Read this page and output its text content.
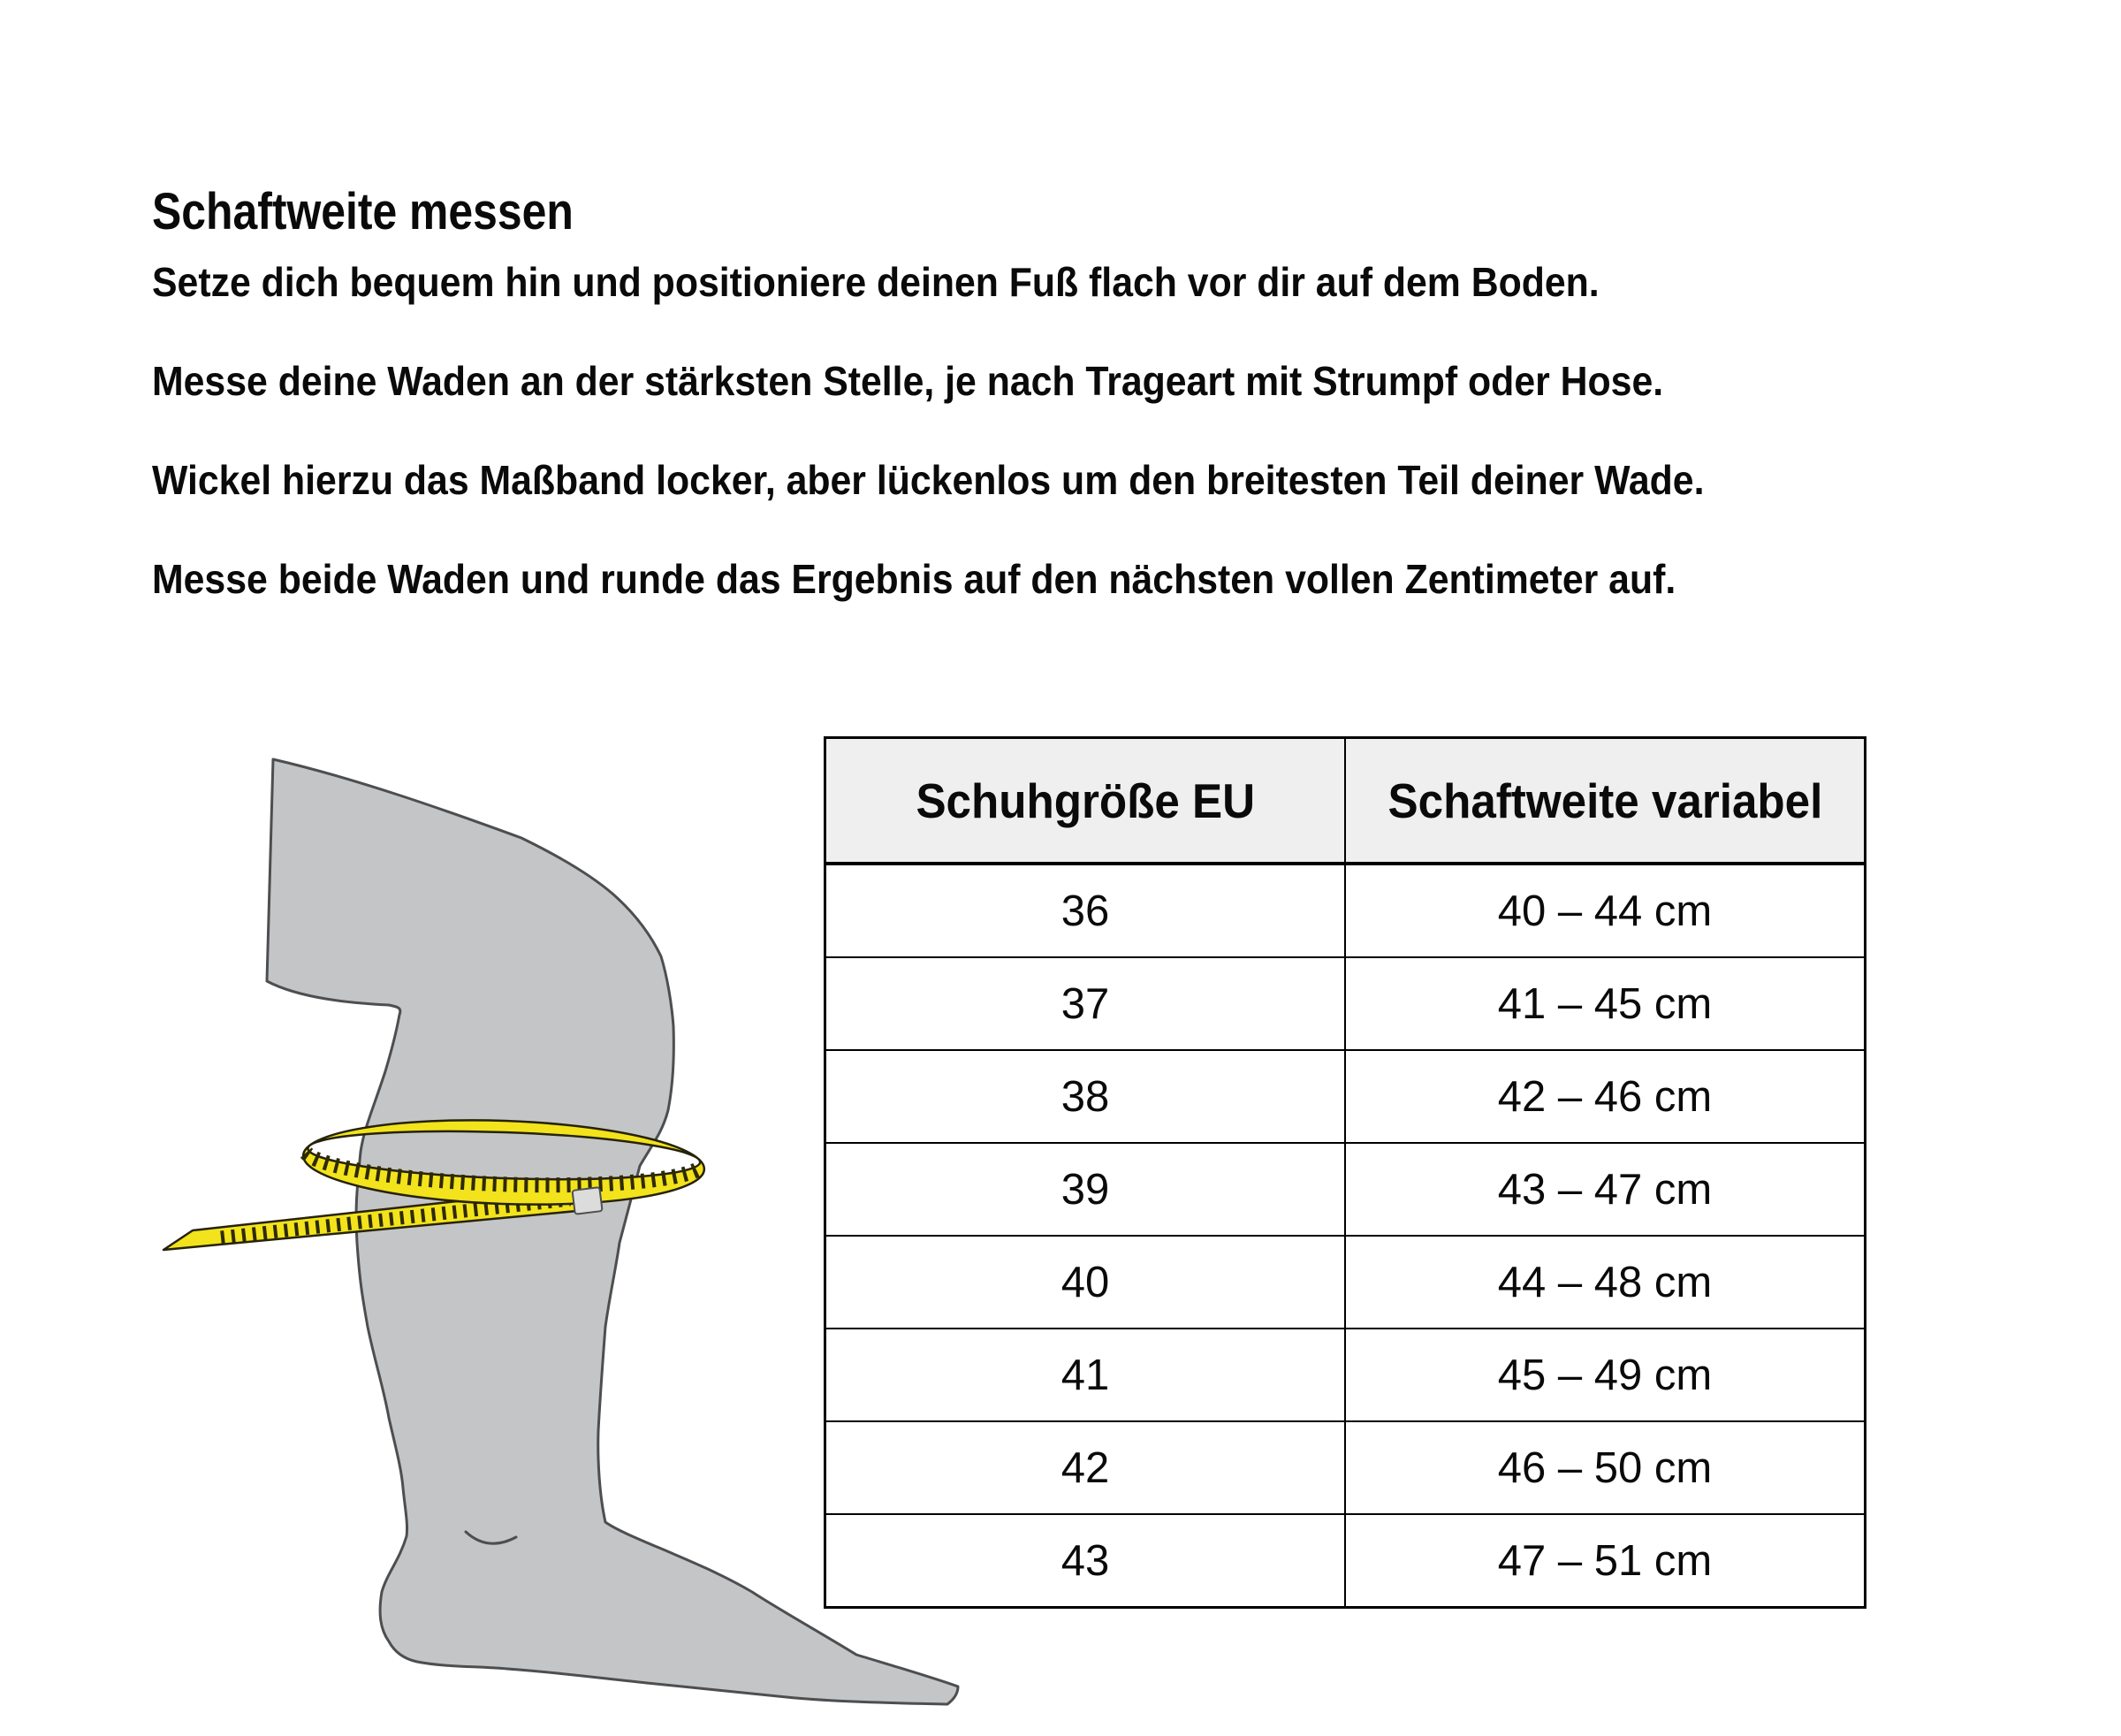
Schaftweite messen

Setze dich bequem hin und positioniere deinen Fuß flach vor dir auf dem Boden.

Messe deine Waden an der stärksten Stelle, je nach Trageart mit Strumpf oder Hose.

Wickel hierzu das Maßband locker, aber lückenlos um den breitesten Teil deiner Wade.

Messe beide Waden und runde das Ergebnis auf den nächsten vollen Zentimeter auf.

Schuhgröße EU	Schaftweite variabel
36	40 – 44 cm
37	41 – 45 cm
38	42 – 46 cm
39	43 – 47 cm
40	44 – 48 cm
41	45 – 49 cm
42	46 – 50 cm
43	47 – 51 cm
